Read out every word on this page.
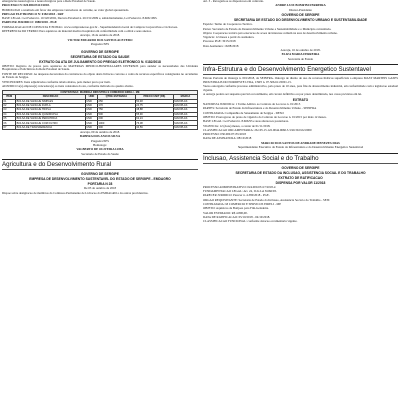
emergencias neurologicas e neurocirurgicas para a Rede Estadual de Saude.

PROCESSO N: 020.000.03113/2018.

HOMOLOGO o resultado em favor das empresas vencedoras do certame, ao valor global apresentado.

PREGAO ELETRONICO N: 0182/2018 - SRP

BASE LEGAL: Lei Federal n. 10.520/2002, Decreto Estadual n. 26.531/2009 e, subsidiariamente, Lei Federal n. 8.666/1993.

PARECER JURIDICO: 1880/2018 - PGE

FORMALIZACAO DE CONSULTA E EDITAL: www.comprasnet.se.gov.br - Superintendencia Geral de Compras Corporativas e Licitacoes.

REFERENCIA DO TERMO: Para aquisicao de material medico hospitalar em conformidade com o edital e seus anexos.

Aracaju, 16 de outubro de 2018.

VICTOR EDUARDO DOS SANTOS ACEVEDO

Pregoeiro/SES

GOVERNO DE SERGIPE

SECRETARIA DE ESTADO DA SAUDE

EXTRATO DA ATA DE JULGAMENTO DO PREGAO ELETRONICO N. 0182/2018

OBJETO: Registro de precos para aquisicao de MATERIAS MEDICO-HOSPITALARES DIVERSOS para atender as necessidades das Unidades Hospitalares e Policlinicas da Rede Estadual de Saude.

FONTE DE RECURSO: As despesas decorrentes da contratacao do objeto desta licitacao correrao a conta de recursos especificos consignados no orcamento do Estado de Sergipe.

VENCEDORES: Itens adjudicados conforme tabela abaixo, pelo menor preco por item.

ADJUDICO a(s) empresa(s) vencedora(s) os itens constantes da ata, conforme indicado no quadro abaixo.

CONTRATADA: MARINGA INDUSTRIA E COMERCIO EIRELI - ME					
ITEM	DESCRICAO	UND	QTDE ESTIMADA	PRECO UNIT (R$)	MARCA
01	BOLSA DE SANGUE SIMPLES	UND	250	50,48	MAXIPLAS
02	BOLSA DE SANGUE DUPLA	UND	170	24,75	MAXIPLAS
03	BOLSA DE SANGUE TRIPLA	UND	750	38,88	MAXIPLAS
04	BOLSA DE SANGUE QUADRUPLA	UND	500	55,90	MAXIPLAS
05	BOLSA DE SANGUE PEDIATRICA	UND	200	62,24	MAXIPLAS
06	BOLSA DE SANGUE COM FILTRO	UND	1000	76,08	MAXIPLAS
07	BOLSA DE TRANSFERENCIA	UND	300	34,59	MAXIPLAS

Aracaju, 09 de outubro de 2018.

BABERA DOS ANJOS SILVA

Pregoeira/SES

Homologo:

VALBERTO DE OLIVEIRA LIMA

Secretario de Estado da Saude

Agricultura e do Desenvolvimento Rural

GOVERNO DE SERGIPE

EMPRESA DE DESENVOLVIMENTO SUSTENTAVEL DO ESTADO DE SERGIPE - EMDAGRO

PORTARIA N 28

De 03 de outubro de 2018

Dispoe sobre designacao de membros da Comissao Permanente de Licitacao da EMDAGRO e da outras providencias.

Art. 3 - Revogam-se as disposicoes em contrario.

ANDRE LUIZ BOMFIM FERREIRA

Diretor-Presidente

GOVERNO DE SERGIPE

SECRETARIA DE ESTADO DO DESENVOLVIMENTO URBANO E SUSTENTABILIDADE

Espécie: Termo de Cooperacao Tecnica.

Partes: Secretaria de Estado do Desenvolvimento Urbano e Sustentabilidade e o Municipio conveniado.

Objeto: Cooperacao tecnica para execucao de acoes de interesse comum na area de desenvolvimento urbano.

Vigencia: 12 meses a partir da assinatura.

Processo PGE: 3015/2018

Data Assinatura: 16/08/2018

Aracaju, 16 de outubro de 2018.

ELIZA MARIA FERREIRA

Secretaria de Estado

Infra-Estrutura e do Desenvolvimento Energetico Sustentavel

Extrato Portaria de Outorga n. 001/2018, da SEINFRA. Outorga de direito de uso de recursos hidricos superficiais a empresa MAST MARTINS GASES INDUSTRIAIS DO NORDESTE LTDA, CNPJ n. 07.506.611/0001-15.

Vazao outorgada conforme processo administrativo, pelo prazo de 10 anos, para fins de abastecimento industrial, em conformidade com a legislacao estadual vigente.

A outorga podera ser suspensa parcial ou totalmente, em carater definitivo ou por prazo determinado, nos casos previstos em lei.

EXTRATO

NATUREZA JURIDICA: 1 Termo Aditivo ao Contrato de Locacao n. 01/2015

PARTES: Secretaria de Estado da Infraestrutura e do Desenvolvimento Urbano - SEINFRA

CONTRATADA: Companhia de Saneamento de Sergipe - DESO

OBJETO: Prorrogacao do prazo de vigencia do Contrato de Locacao n. 01/2015 por mais 12 meses.

BASE LEGAL: Lei Federal n. 8.666/93 e suas alteracoes posteriores.

VIGENCIA: 12 (doze) meses, a contar de 01/11/2018.

CLASSIFICACAO ORCAMENTARIA: 26.105.15.122.0044.0660.3.3.90.39.0.02.0000

PROCESSO: 030.000.07155/2018

DATA DE ASSINATURA: 08/10/2018

MARCIO DOS SANTOS DE ANDRADE MENEZES DIAS

Superintendente Executivo da Estado da Infraestrutura e do Desenvolvimento Energetico Sustentavel

Inclusao, Assistencia Social e do Trabalho

GOVERNO DE SERGIPE

SECRETARIA DE ESTADO DA INCLUSAO, ASSISTENCIA SOCIAL E DO TRABALHO

EXTRATO DE RATIFICACAO

DISPENSA POR VALOR 11/2018

PROCESSO ADMINISTRATIVO: 024.000.03117/2018-2.

FUNDAMENTACAO LEGAL: Art. 24, II da Lei 8.666/93.

PARECER JURIDICO: Parecer n. 4.380/2018 - PGE.

ORGAO REQUISITANTE: Secretaria de Estado da Inclusao, Assistencia Social e do Trabalho - SEIT.

CONTRATADA: M COMERCIO E SERVICOS EIRELI - ME

OBJETO: Aquisicao de Botijoes para Fim-Geladeira.

VALOR ESTIMADO: R$ 4.800,00.

DATA DE RATIFICACAO: 05/10/2018 - 04/10/2018.

CLASSIFICACAO FUNCIONAL: conforme dotacao orcamentaria vigente.
